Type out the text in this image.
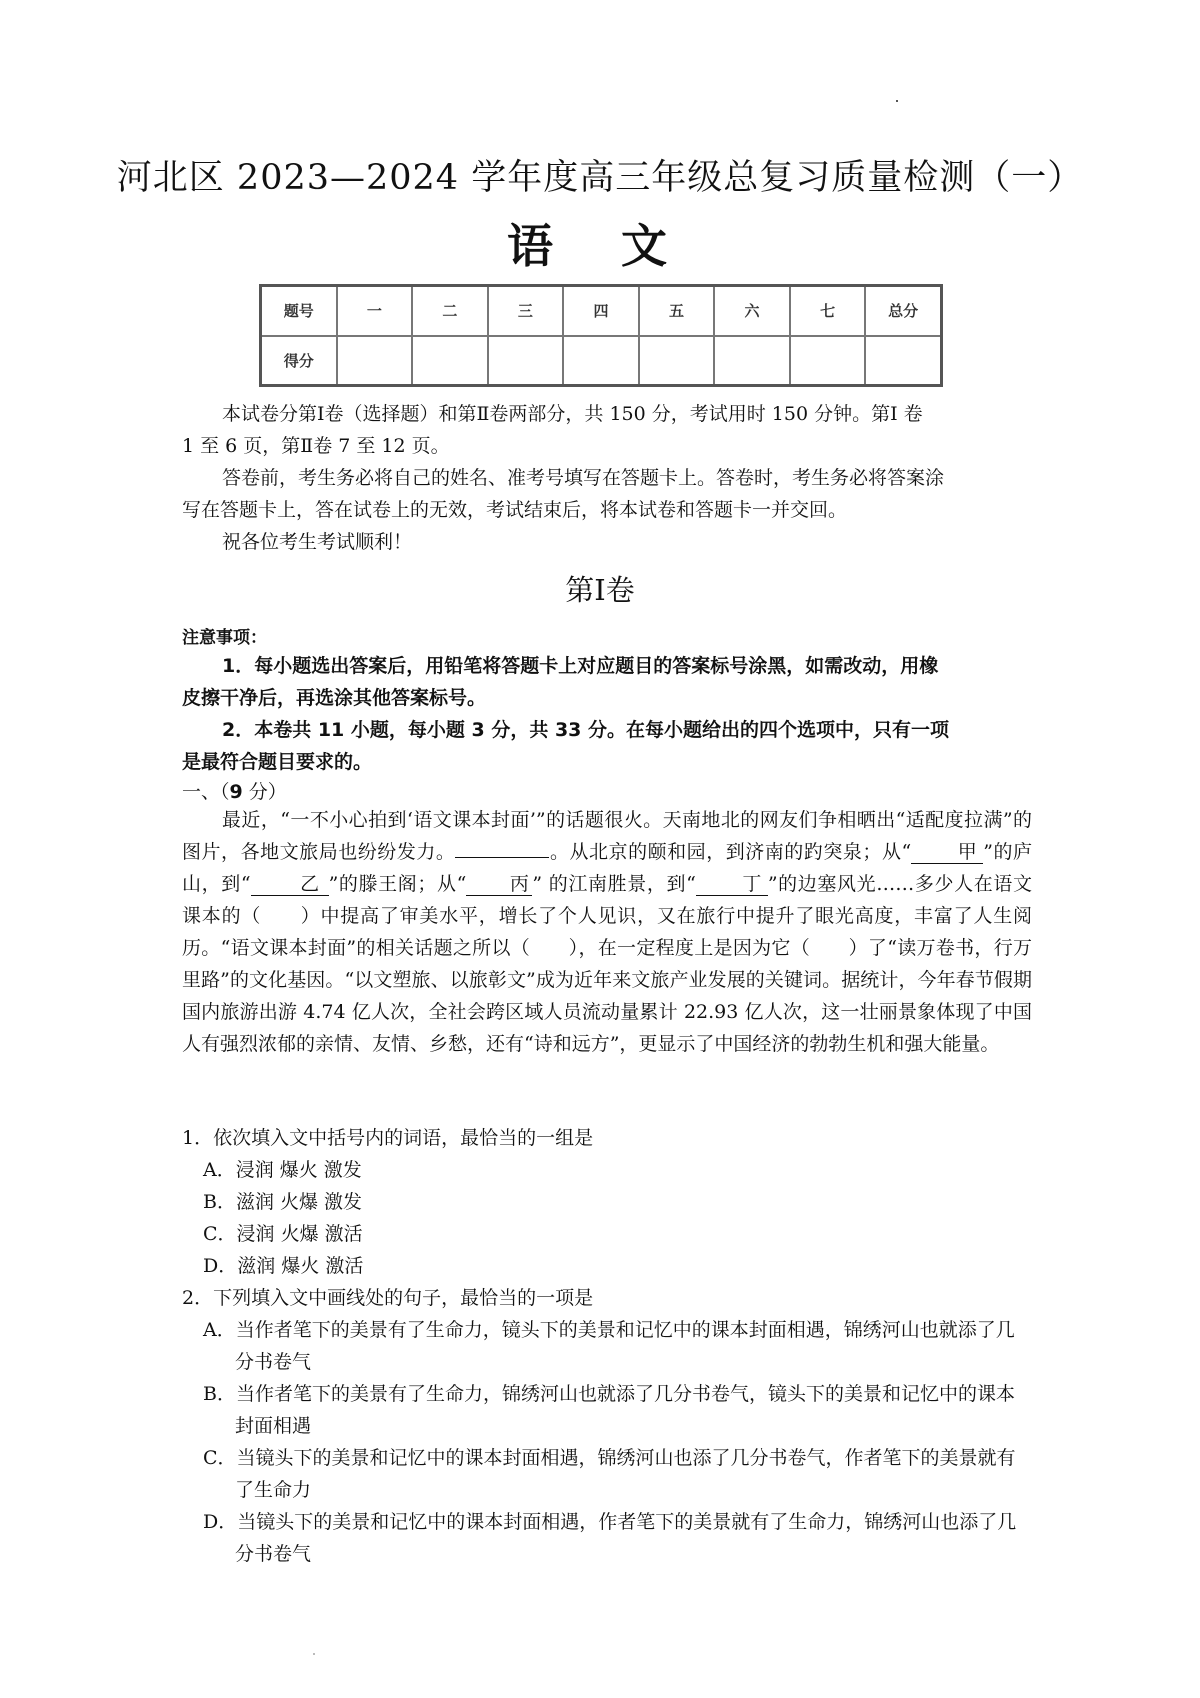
河北区 2023—2024 学年度高三年级总复习质量检测（一）
语 文
题号	一	二	三	四	五	六	七	总分
得分								
本试卷分第Ⅰ卷（选择题）和第Ⅱ卷两部分，共 150 分，考试用时 150 分钟。第Ⅰ 卷
1 至 6 页，第Ⅱ卷 7 至 12 页。
答卷前，考生务必将自己的姓名、准考号填写在答题卡上。答卷时，考生务必将答案涂
写在答题卡上，答在试卷上的无效，考试结束后，将本试卷和答题卡一并交回。
祝各位考生考试顺利！
第Ⅰ卷
注意事项：
1．每小题选出答案后，用铅笔将答题卡上对应题目的答案标号涂黑，如需改动，用橡
皮擦干净后，再选涂其他答案标号。
2．本卷共 11 小题，每小题 3 分，共 33 分。在每小题给出的四个选项中，只有一项
是最符合题目要求的。
一、（9 分）
最近，“一不小心拍到‘语文课本封面’”的话题很火。天南地北的网友们争相晒出“适配度拉满”的图片，各地文旅局也纷纷发力。	。从北京的颐和园，到济南的趵突泉；从“ 甲 ”的庐山，到“	乙 ”的滕王阁；从“ 丙 ” 的江南胜景，到“ 丁 ”的边塞风光……多少人在语文课本的（　　）中提高了审美水平，增长了个人见识，又在旅行中提升了眼光高度，丰富了人生阅历。“语文课本封面”的相关话题之所以（　　），在一定程度上是因为它（　　）了“读万卷书，行万里路”的文化基因。“以文塑旅、以旅彰文”成为近年来文旅产业发展的关键词。据统计，今年春节假期国内旅游出游 4.74 亿人次，全社会跨区域人员流动量累计 22.93 亿人次，这一壮丽景象体现了中国人有强烈浓郁的亲情、友情、乡愁，还有“诗和远方”，更显示了中国经济的勃勃生机和强大能量。
1．依次填入文中括号内的词语，最恰当的一组是
A．浸润 爆火 激发
B．滋润 火爆 激发
C．浸润 火爆 激活
D．滋润 爆火 激活
2．下列填入文中画线处的句子，最恰当的一项是
A．当作者笔下的美景有了生命力，镜头下的美景和记忆中的课本封面相遇，锦绣河山也就添了几分书卷气
B．当作者笔下的美景有了生命力，锦绣河山也就添了几分书卷气，镜头下的美景和记忆中的课本封面相遇
C．当镜头下的美景和记忆中的课本封面相遇，锦绣河山也添了几分书卷气，作者笔下的美景就有了生命力
D．当镜头下的美景和记忆中的课本封面相遇，作者笔下的美景就有了生命力，锦绣河山也添了几分书卷气
